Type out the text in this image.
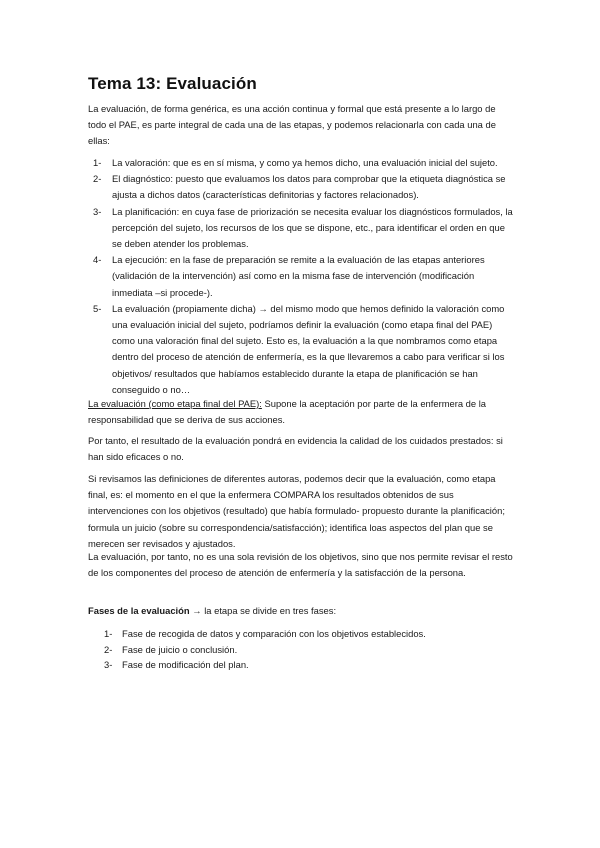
Tema 13: Evaluación

La evaluación, de forma genérica, es una acción continua y formal que está presente a lo largo de todo el PAE, es parte integral de cada una de las etapas, y podemos relacionarla con cada una de ellas:

1- La valoración: que es en sí misma, y como ya hemos dicho, una evaluación inicial del sujeto.
2- El diagnóstico: puesto que evaluamos los datos para comprobar que la etiqueta diagnóstica se ajusta a dichos datos (características definitorias y factores relacionados).
3- La planificación: en cuya fase de priorización se necesita evaluar los diagnósticos formulados, la percepción del sujeto, los recursos de los que se dispone, etc., para identificar el orden en que se deben atender los problemas.
4- La ejecución: en la fase de preparación se remite a la evaluación de las etapas anteriores (validación de la intervención) así como en la misma fase de intervención (modificación inmediata –si procede-).
5- La evaluación (propiamente dicha) → del mismo modo que hemos definido la valoración como una evaluación inicial del sujeto, podríamos definir la evaluación (como etapa final del PAE) como una valoración final del sujeto. Esto es, la evaluación a la que nombramos como etapa dentro del proceso de atención de enfermería, es la que llevaremos a cabo para verificar si los objetivos/ resultados que habíamos establecido durante la etapa de planificación se han conseguido o no…

La evaluación (como etapa final del PAE): Supone la aceptación por parte de la enfermera de la responsabilidad que se deriva de sus acciones.

Por tanto, el resultado de la evaluación pondrá en evidencia la calidad de los cuidados prestados: si han sido eficaces o no.

Si revisamos las definiciones de diferentes autoras, podemos decir que la evaluación, como etapa final, es: el momento en el que la enfermera COMPARA los resultados obtenidos de sus intervenciones con los objetivos (resultado) que había formulado- propuesto durante la planificación; formula un juicio (sobre su correspondencia/satisfacción); identifica loas aspectos del plan que se merecen ser revisados y ajustados.

La evaluación, por tanto, no es una sola revisión de los objetivos, sino que nos permite revisar el resto de los componentes del proceso de atención de enfermería y la satisfacción de la persona.

Fases de la evaluación → la etapa se divide en tres fases:

1- Fase de recogida de datos y comparación con los objetivos establecidos.
2- Fase de juicio o conclusión.
3- Fase de modificación del plan.
